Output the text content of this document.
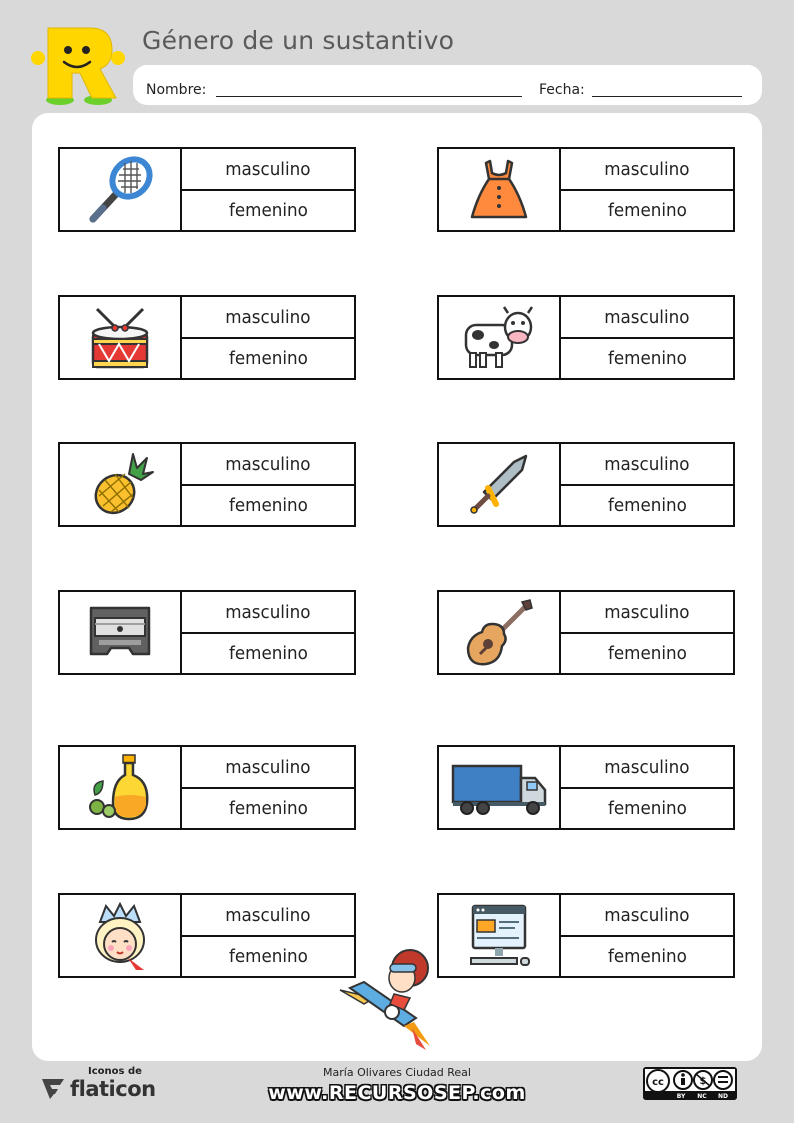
Género de un sustantivo
Nombre:	Fecha:
masculino
femenino
masculino
femenino
masculino
femenino
masculino
femenino
masculino
femenino
masculino
femenino
masculino
femenino
masculino
femenino
masculino
femenino
masculino
femenino
masculino
femenino
masculino
femenino
Iconos de
flaticon
María Olivares Ciudad Real
www.RECURSOSEP.com	cc	$
BY NC ND
